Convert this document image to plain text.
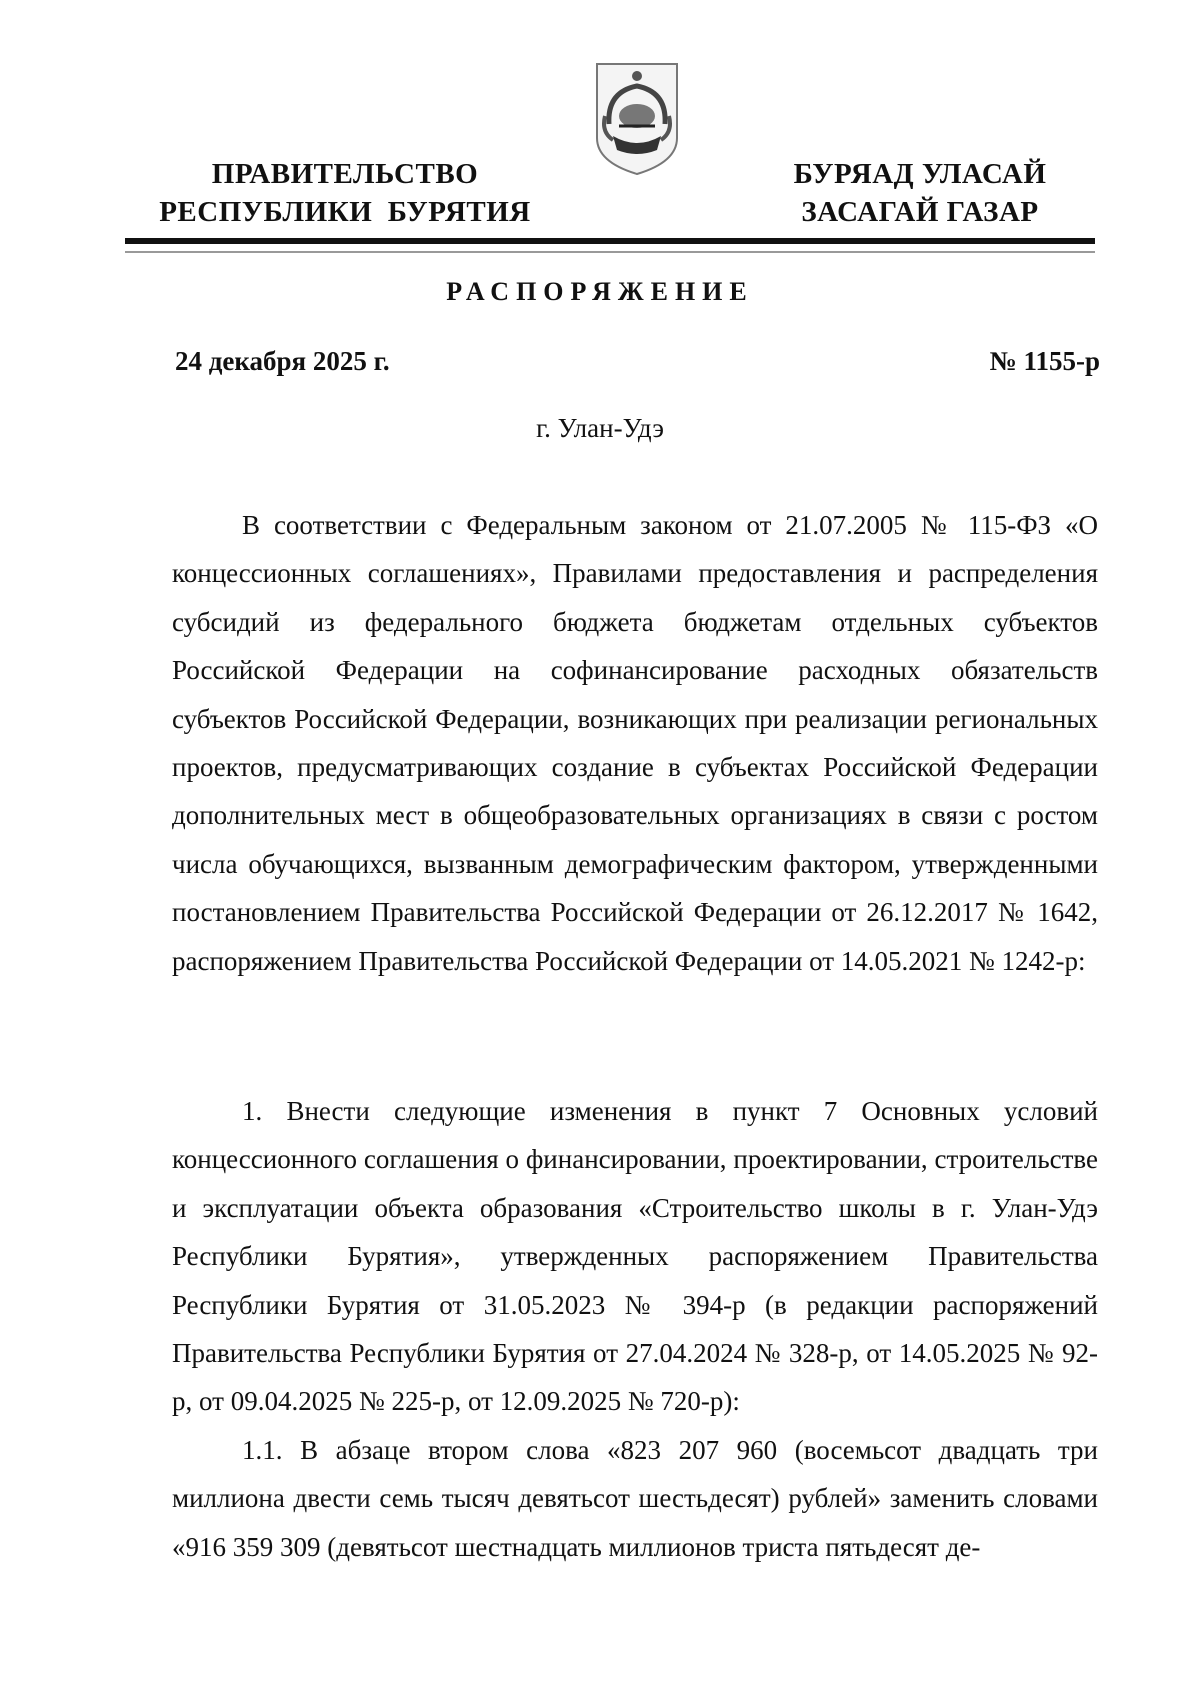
ПРАВИТЕЛЬСТВО
РЕСПУБЛИКИ  БУРЯТИЯ
БУРЯАД УЛАСАЙ
ЗАСАГАЙ ГАЗАР
РАСПОРЯЖЕНИЕ
24 декабря 2025 г.	№ 1155-р
г. Улан-Удэ

В соответствии с Федеральным законом от 21.07.2005 № 115-ФЗ «О концессионных соглашениях», Правилами предоставления и распределения субсидий из федерального бюджета бюджетам отдельных субъектов Российской Федерации на софинансирование расходных обязательств субъектов Российской Федерации, возникающих при реализации региональных проектов, предусматривающих создание в субъектах Российской Федерации дополнительных мест в общеобразовательных организациях в связи с ростом числа обучающихся, вызванным демографическим фактором, утвержденными постановлением Правительства Российской Федерации от 26.12.2017 № 1642, распоряжением Правительства Российской Федерации от 14.05.2021 № 1242-р:

1. Внести следующие изменения в пункт 7 Основных условий концессионного соглашения о финансировании, проектировании, строительстве и эксплуатации объекта образования «Строительство школы в г. Улан-Удэ Республики Бурятия», утвержденных распоряжением Правительства Республики Бурятия от 31.05.2023 № 394-р (в редакции распоряжений Правительства Республики Бурятия от 27.04.2024 № 328-р, от 14.05.2025 № 92-р, от 09.04.2025 № 225-р, от 12.09.2025 № 720-р):

1.1. В абзаце втором слова «823 207 960 (восемьсот двадцать три миллиона двести семь тысяч девятьсот шестьдесят) рублей» заменить словами «916 359 309 (девятьсот шестнадцать миллионов триста пятьдесят де-
